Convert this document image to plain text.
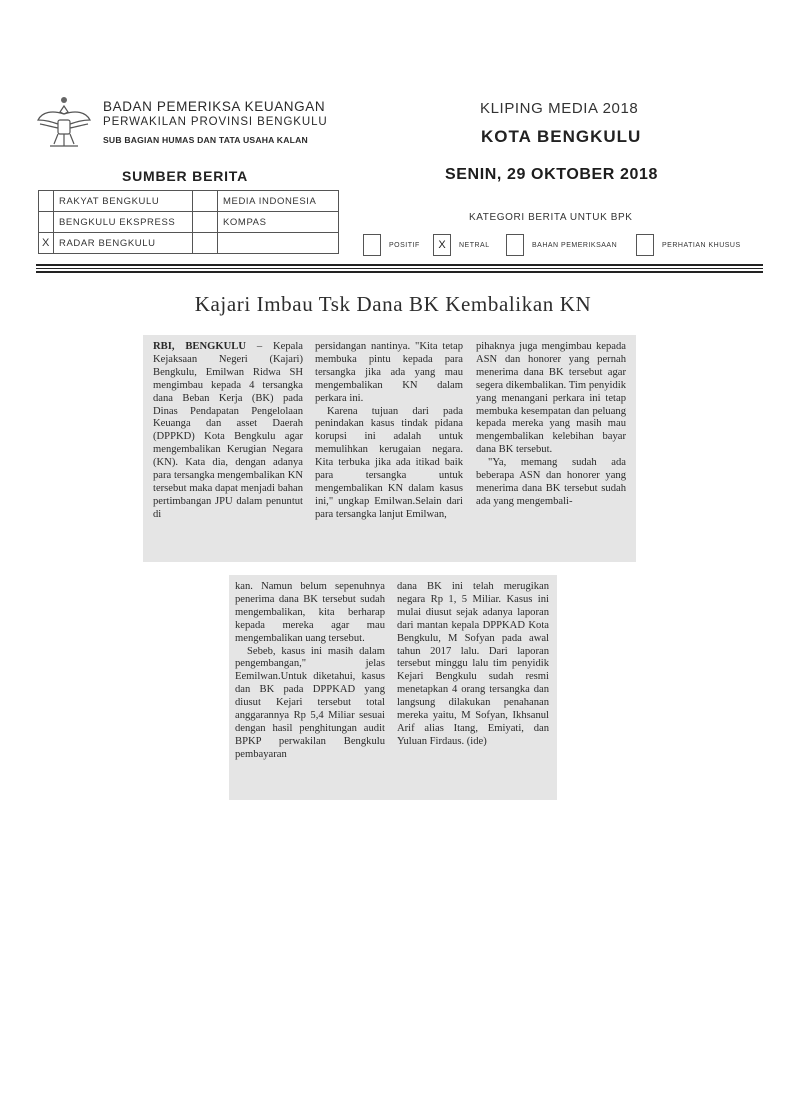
BADAN PEMERIKSA KEUANGAN
PERWAKILAN PROVINSI BENGKULU
SUB BAGIAN HUMAS DAN TATA USAHA KALAN
KLIPING MEDIA 2018
KOTA BENGKULU
SENIN, 29 OKTOBER 2018
SUMBER BERITA
	RAKYAT BENGKULU		MEDIA INDONESIA
	BENGKULU EKSPRESS		KOMPAS
X	RADAR BENGKULU		
KATEGORI BERITA UNTUK BPK
POSITIF	X	NETRAL	BAHAN PEMERIKSAAN	PERHATIAN KHUSUS
Kajari Imbau Tsk Dana BK Kembalikan KN

RBI, BENGKULU – Kepala Kejaksaan Negeri (Kajari) Bengkulu, Emilwan Ridwa SH mengimbau kepada 4 tersangka dana Beban Kerja (BK) pada Dinas Pendapatan Pengelolaan Keuanga dan asset Daerah (DPPKD) Kota Bengkulu agar mengembalikan Kerugian Negara (KN). Kata dia, dengan adanya para tersangka mengembalikan KN tersebut maka dapat menjadi bahan pertimbangan JPU dalam penuntut di

persidangan nantinya. "Kita tetap membuka pintu kepada para tersangka jika ada yang mau mengembalikan KN dalam perkara ini.

Karena tujuan dari pada penindakan kasus tindak pidana korupsi ini adalah untuk memulihkan kerugaian negara. Kita terbuka jika ada itikad baik para tersangka untuk mengembalikan KN dalam kasus ini," ungkap Emilwan.Selain dari para tersangka lanjut Emilwan,

pihaknya juga mengimbau kepada ASN dan honorer yang pernah menerima dana BK tersebut agar segera dikembalikan. Tim penyidik yang menangani perkara ini tetap membuka kesempatan dan peluang kepada mereka yang masih mau mengembalikan kelebihan bayar dana BK tersebut.

"Ya, memang sudah ada beberapa ASN dan honorer yang menerima dana BK tersebut sudah ada yang mengembali-

kan. Namun belum sepenuhnya penerima dana BK tersebut sudah mengembalikan, kita berharap kepada mereka agar mau mengembalikan uang tersebut.

Sebeb, kasus ini masih dalam pengembangan," jelas Eemilwan.Untuk diketahui, kasus dan BK pada DPPKAD yang diusut Kejari tersebut total anggarannya Rp 5,4 Miliar sesuai dengan hasil penghitungan audit BPKP perwakilan Bengkulu pembayaran

dana BK ini telah merugikan negara Rp 1, 5 Miliar. Kasus ini mulai diusut sejak adanya laporan dari mantan kepala DPPKAD Kota Bengkulu, M Sofyan pada awal tahun 2017 lalu. Dari laporan tersebut minggu lalu tim penyidik Kejari Bengkulu sudah resmi menetapkan 4 orang tersangka dan langsung dilakukan penahanan mereka yaitu, M Sofyan, Ikhsanul Arif alias Itang, Emiyati, dan Yuluan Firdaus. (ide)
